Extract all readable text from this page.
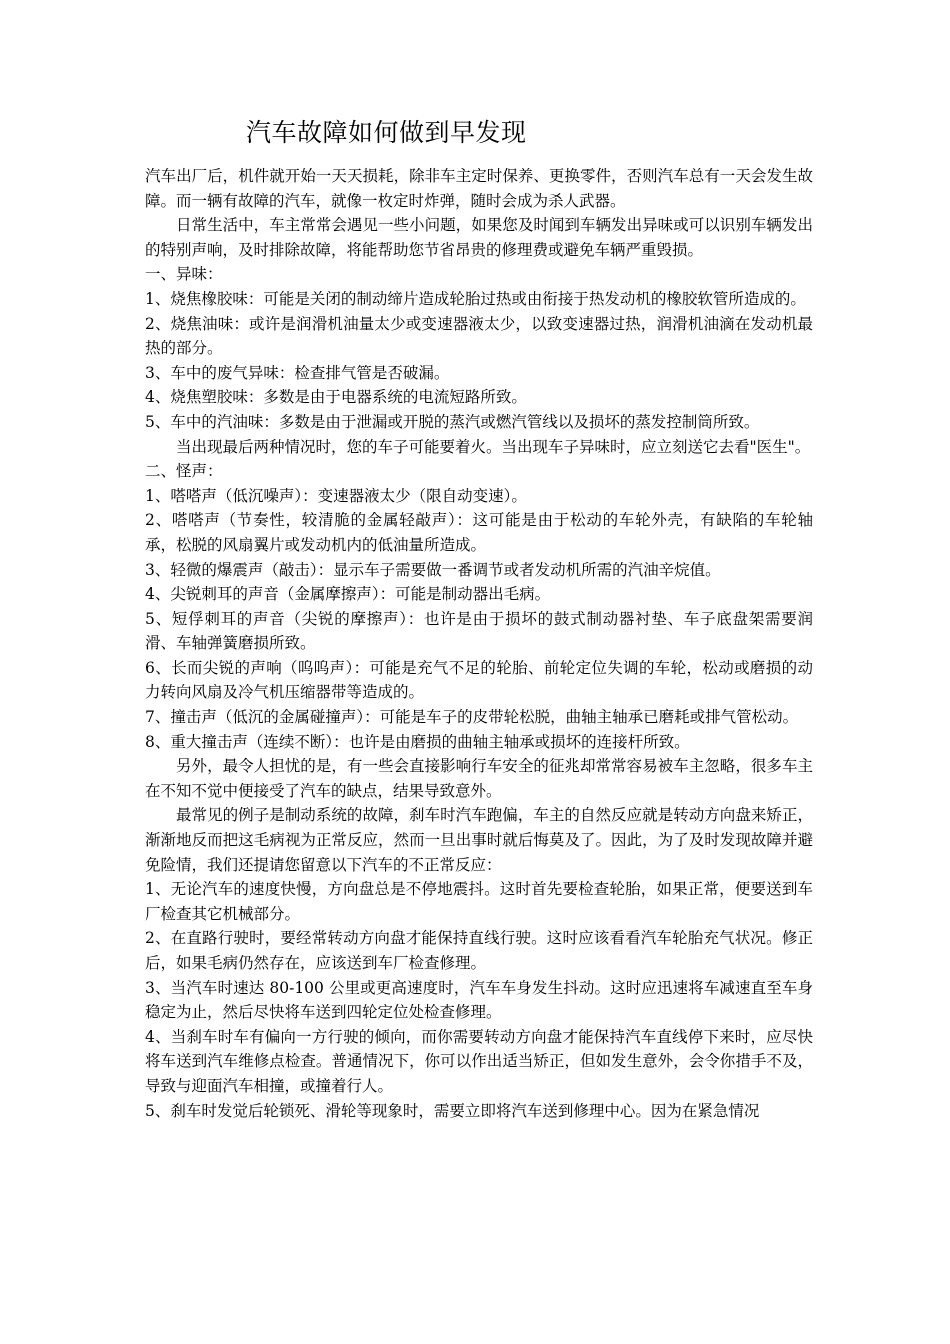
汽车故障如何做到早发现

汽车出厂后，机件就开始一天天损耗，除非车主定时保养、更换零件，否则汽车总有一天会发生故障。而一辆有故障的汽车，就像一枚定时炸弹，随时会成为杀人武器。

日常生活中，车主常常会遇见一些小问题，如果您及时闻到车辆发出异味或可以识别车辆发出的特别声响，及时排除故障，将能帮助您节省昂贵的修理费或避免车辆严重毁损。

一、异味：

1、烧焦橡胶味：可能是关闭的制动缔片造成轮胎过热或由衔接于热发动机的橡胶软管所造成的。

2、烧焦油味：或许是润滑机油量太少或变速器液太少，以致变速器过热，润滑机油滴在发动机最热的部分。

3、车中的废气异味：检查排气管是否破漏。

4、烧焦塑胶味：多数是由于电器系统的电流短路所致。

5、车中的汽油味：多数是由于泄漏或开脱的蒸汽或燃汽管线以及损坏的蒸发控制筒所致。

当出现最后两种情况时，您的车子可能要着火。当出现车子异味时，应立刻送它去看"医生"。

二、怪声：

1、嗒嗒声（低沉噪声）：变速器液太少（限自动变速）。

2、嗒嗒声（节奏性，较清脆的金属轻敲声）：这可能是由于松动的车轮外壳，有缺陷的车轮轴承，松脱的风扇翼片或发动机内的低油量所造成。

3、轻微的爆震声（敲击）：显示车子需要做一番调节或者发动机所需的汽油辛烷值。

4、尖锐刺耳的声音（金属摩擦声）：可能是制动器出毛病。

5、短俘刺耳的声音（尖锐的摩擦声）：也许是由于损坏的鼓式制动器衬垫、车子底盘架需要润滑、车轴弹簧磨损所致。

6、长而尖锐的声响（呜呜声）：可能是充气不足的轮胎、前轮定位失调的车轮，松动或磨损的动力转向风扇及冷气机压缩器带等造成的。

7、撞击声（低沉的金属碰撞声）：可能是车子的皮带轮松脱，曲轴主轴承已磨耗或排气管松动。

8、重大撞击声（连续不断）：也许是由磨损的曲轴主轴承或损坏的连接杆所致。

另外，最令人担忧的是，有一些会直接影响行车安全的征兆却常常容易被车主忽略，很多车主在不知不觉中便接受了汽车的缺点，结果导致意外。

最常见的例子是制动系统的故障，刹车时汽车跑偏，车主的自然反应就是转动方向盘来矫正，渐渐地反而把这毛病视为正常反应，然而一旦出事时就后悔莫及了。因此，为了及时发现故障并避免险情，我们还提请您留意以下汽车的不正常反应：

1、无论汽车的速度快慢，方向盘总是不停地震抖。这时首先要检查轮胎，如果正常，便要送到车厂检查其它机械部分。

2、在直路行驶时，要经常转动方向盘才能保持直线行驶。这时应该看看汽车轮胎充气状况。修正后，如果毛病仍然存在，应该送到车厂检查修理。

3、当汽车时速达 80-100 公里或更高速度时，汽车车身发生抖动。这时应迅速将车减速直至车身稳定为止，然后尽快将车送到四轮定位处检查修理。

4、当刹车时车有偏向一方行驶的倾向，而你需要转动方向盘才能保持汽车直线停下来时，应尽快将车送到汽车维修点检查。普通情况下，你可以作出适当矫正，但如发生意外，会令你措手不及，导致与迎面汽车相撞，或撞着行人。

5、刹车时发觉后轮锁死、滑轮等现象时，需要立即将汽车送到修理中心。因为在紧急情况
